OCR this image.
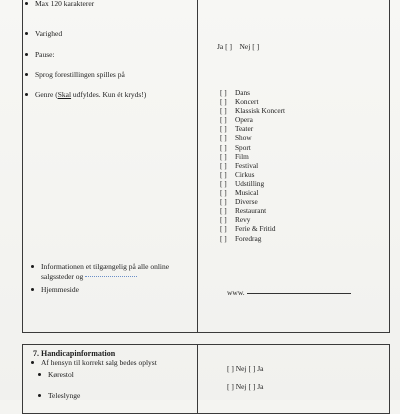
Max 120 karakterer
Varighed
Pause:
Sprog forestillingen spilles på
Genre (Skal udfyldes. Kun ét kryds!)
Ja [ ] Nej [ ]
[ ] Dans
[ ] Koncert
[ ] Klassisk Koncert
[ ] Opera
[ ] Teater
[ ] Show
[ ] Sport
[ ] Film
[ ] Festival
[ ] Cirkus
[ ] Udstilling
[ ] Musical
[ ] Diverse
[ ] Restaurant
[ ] Revy
[ ] Ferie & Fritid
[ ] Foredrag
Informationen et tilgængelig på alle online
salgssteder og
Hjemmeside	www.
7. Handicapinformation
Af hensyn til korrekt salg bedes oplyst
Kørestol
[ ] Nej [ ] Ja
[ ] Nej [ ] Ja
Teleslynge
